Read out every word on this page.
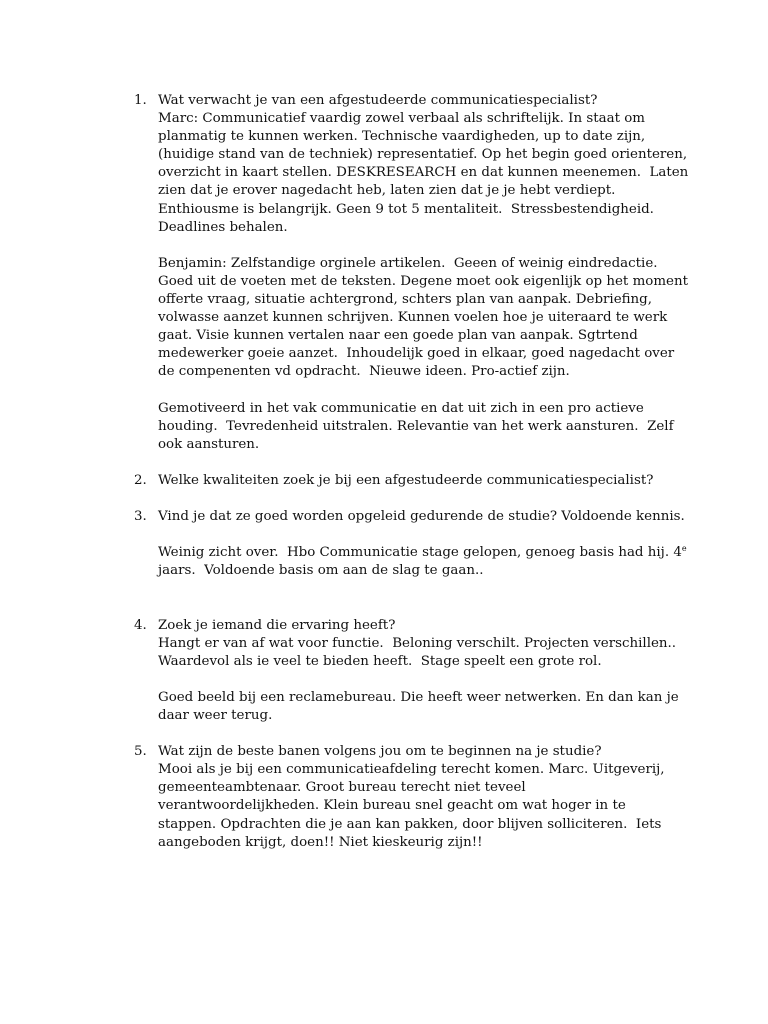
1. Wat verwacht je van een afgestudeerde communicatiespecialist?
Marc: Communicatief vaardig zowel verbaal als schriftelijk. In staat om
planmatig te kunnen werken. Technische vaardigheden, up to date zijn,
(huidige stand van de techniek) representatief. Op het begin goed orienteren,
overzicht in kaart stellen. DESKRESEARCH en dat kunnen meenemen.  Laten
zien dat je erover nagedacht heb, laten zien dat je je hebt verdiept.
Enthiousme is belangrijk. Geen 9 tot 5 mentaliteit.  Stressbestendigheid.
Deadlines behalen.
Benjamin: Zelfstandige orginele artikelen.  Geeen of weinig eindredactie.
Goed uit de voeten met de teksten. Degene moet ook eigenlijk op het moment
offerte vraag, situatie achtergrond, schters plan van aanpak. Debriefing,
volwasse aanzet kunnen schrijven. Kunnen voelen hoe je uiteraard te werk
gaat. Visie kunnen vertalen naar een goede plan van aanpak. Sgtrtend
medewerker goeie aanzet.  Inhoudelijk goed in elkaar, goed nagedacht over
de compenenten vd opdracht.  Nieuwe ideen. Pro-actief zijn.
Gemotiveerd in het vak communicatie en dat uit zich in een pro actieve
houding.  Tevredenheid uitstralen. Relevantie van het werk aansturen.  Zelf
ook aansturen.
2. Welke kwaliteiten zoek je bij een afgestudeerde communicatiespecialist?
3. Vind je dat ze goed worden opgeleid gedurende de studie? Voldoende kennis.
Weinig zicht over.  Hbo Communicatie stage gelopen, genoeg basis had hij. 4e
jaars.  Voldoende basis om aan de slag te gaan..
4. Zoek je iemand die ervaring heeft?
Hangt er van af wat voor functie.  Beloning verschilt. Projecten verschillen..
Waardevol als ie veel te bieden heeft.  Stage speelt een grote rol.
Goed beeld bij een reclamebureau. Die heeft weer netwerken. En dan kan je
daar weer terug.
5. Wat zijn de beste banen volgens jou om te beginnen na je studie?
Mooi als je bij een communicatieafdeling terecht komen. Marc. Uitgeverij,
gemeenteambtenaar. Groot bureau terecht niet teveel
verantwoordelijkheden. Klein bureau snel geacht om wat hoger in te
stappen. Opdrachten die je aan kan pakken, door blijven solliciteren.  Iets
aangeboden krijgt, doen!! Niet kieskeurig zijn!!
